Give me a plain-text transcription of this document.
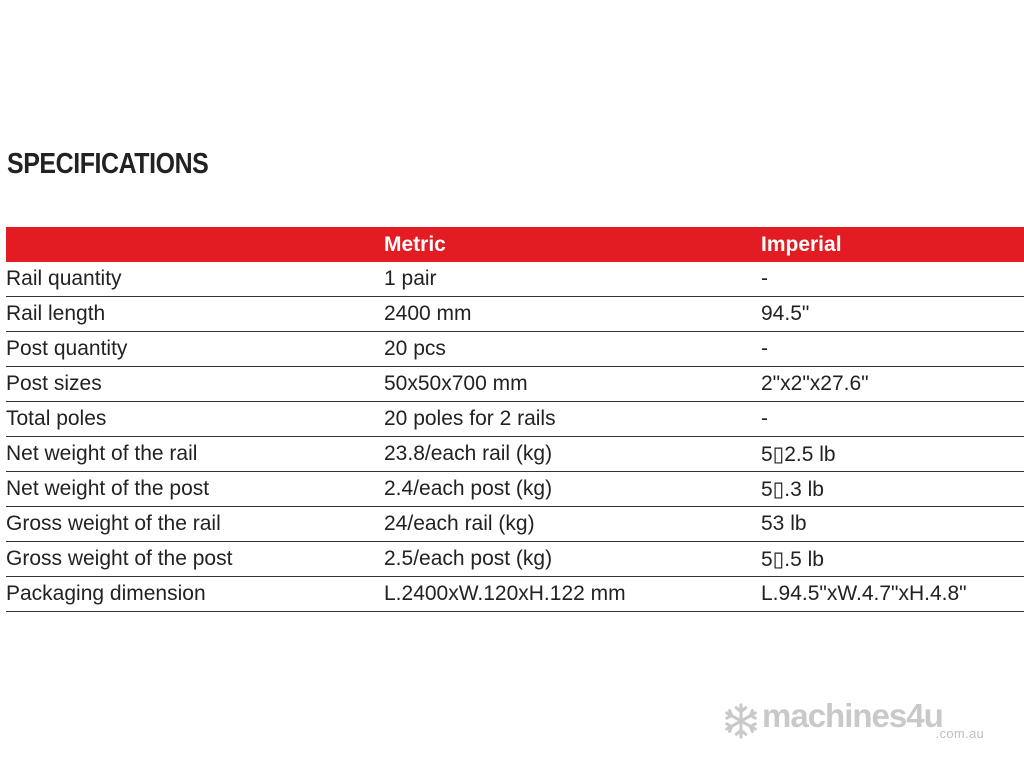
SPECIFICATIONS
	Metric	Imperial
Rail quantity	1 pair	-
Rail length	2400 mm	94.5"
Post quantity	20 pcs	-
Post sizes	50x50x700 mm	2"x2"x27.6"
Total poles	20 poles for 2 rails	-
Net weight of the rail	23.8/each rail (kg)	5▯2.5 lb
Net weight of the post	2.4/each post (kg)	5▯.3 lb
Gross weight of the rail	24/each rail (kg)	53 lb
Gross weight of the post	2.5/each post (kg)	5▯.5 lb
Packaging dimension	L.2400xW.120xH.122 mm	L.94.5"xW.4.7"xH.4.8"
machines4u
.com.au
